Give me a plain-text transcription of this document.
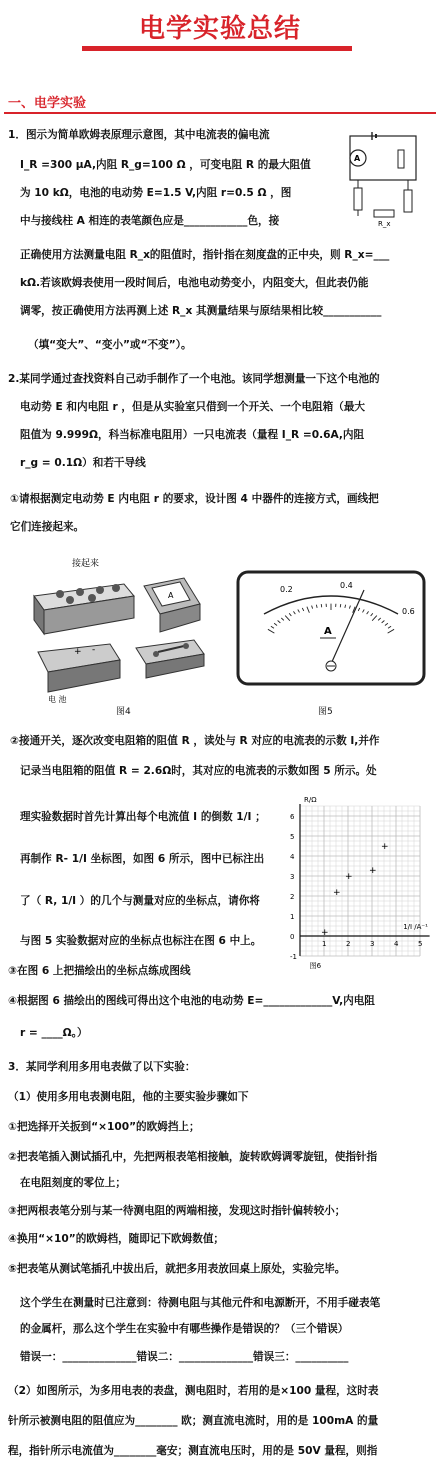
电学实验总结
一、电学实验
1．图示为简单欧姆表原理示意图，其中电流表的偏电流
I_R =300 μA,内阻 R_g=100 Ω ，可变电阻 R 的最大阻值
为 10 kΩ，电池的电动势 E=1.5 V,内阻 r=0.5 Ω ，图
中与接线柱 A 相连的表笔颜色应是____________色，接
正确使用方法测量电阻 R_x的阻值时，指针指在刻度盘的正中央，则 R_x=___
kΩ.若该欧姆表使用一段时间后，电池电动势变小，内阻变大，但此表仍能
调零，按正确使用方法再测上述 R_x 其测量结果与原结果相比较___________
（填“变大”、“变小”或“不变”）。
2.某同学通过查找资料自己动手制作了一个电池。该同学想测量一下这个电池的
电动势 E 和内电阻 r ，但是从实验室只借到一个开关、一个电阻箱（最大
阻值为 9.999Ω，科当标准电阻用）一只电流表（量程 I_R =0.6A,内阻
r_g = 0.1Ω）和若干导线
①请根据测定电动势 E 内电阻 r 的要求，设计图 4 中器件的连接方式，画线把
它们连接起来。
②接通开关，逐次改变电阻箱的阻值 R ，读处与 R 对应的电流表的示数 I,并作
记录当电阻箱的阻值 R = 2.6Ω时，其对应的电流表的示数如图 5 所示。处
理实验数据时首先计算出每个电流值 I 的倒数 1/I ；
再制作 R- 1/I 坐标图，如图 6 所示，图中已标注出
了（ R, 1/I ）的几个与测量对应的坐标点，请你将
与图 5 实验数据对应的坐标点也标注在图 6 中上。
③在图 6 上把描绘出的坐标点练成图线
④根据图 6 描绘出的图线可得出这个电池的电动势 E=_____________V,内电阻
r = ____Ω。）
3．某同学利用多用电表做了以下实验：
（1）使用多用电表测电阻，他的主要实验步骤如下
①把选择开关扳到“×100”的欧姆挡上；
②把表笔插入测试插孔中，先把两根表笔相接触，旋转欧姆调零旋钮，使指针指
在电阻刻度的零位上；
③把两根表笔分别与某一待测电阻的两端相接，发现这时指针偏转较小；
④换用“×10”的欧姆档，随即记下欧姆数值；
⑤把表笔从测试笔插孔中拔出后，就把多用表放回桌上原处，实验完毕。
这个学生在测量时已注意到：待测电阻与其他元件和电源断开，不用手碰表笔
的金属杆，那么这个学生在实验中有哪些操作是错误的？（三个错误）
错误一：______________错误二：______________错误三：__________
（2）如图所示，为多用电表的表盘，测电阻时，若用的是×100 量程，这时表
针所示被测电阻的阻值应为________ 欧；测直流电流时，用的是 100mA 的量
程，指针所示电流值为________毫安；测直流电压时，用的是 50V 量程，则指
A
R_x
接起来
A
+ -
电 池
图4
0.2	0.4
0.6
A
图5
R/Ω
1/I /A⁻¹
6
5
4
3
2
1
0
-1
1	2	3	4	5
图6
+
+
+
+
+
